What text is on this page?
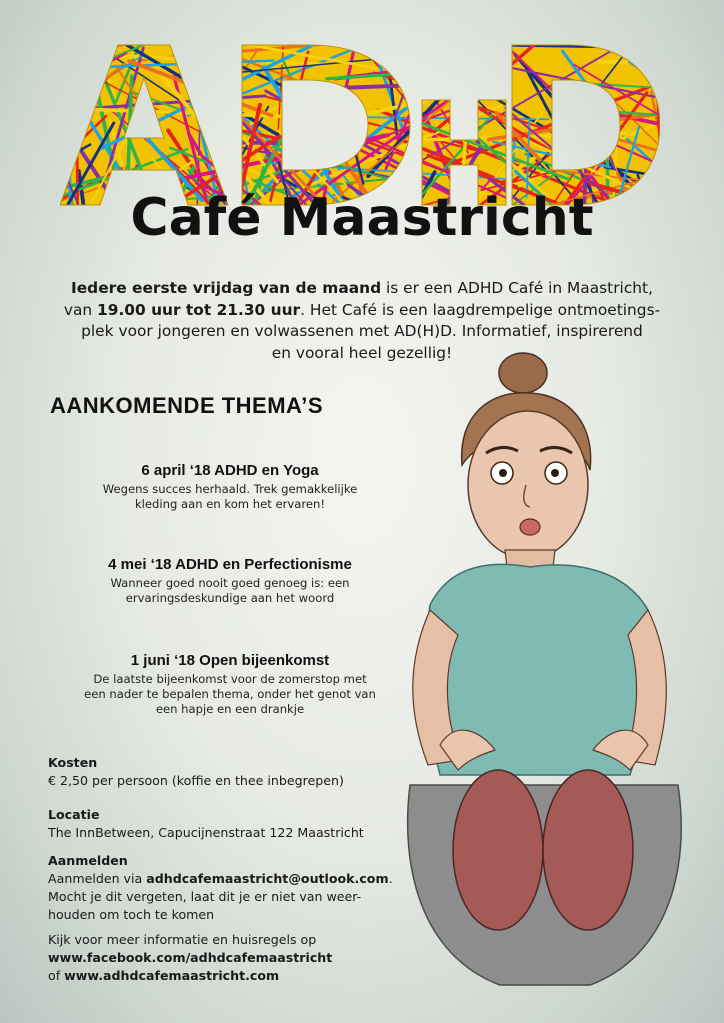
Café Maastricht
Iedere eerste vrijdag van de maand is er een ADHD Café in Maastricht,
van 19.00 uur tot 21.30 uur. Het Café is een laagdrempelige ontmoetings-
plek voor jongeren en volwassenen met AD(H)D. Informatief, inspirerend
en vooral heel gezellig!
AANKOMENDE THEMA’S
6 april ‘18 ADHD en Yoga
Wegens succes herhaald. Trek gemakkelijke
kleding aan en kom het ervaren!
4 mei ‘18 ADHD en Perfectionisme
Wanneer goed nooit goed genoeg is: een
ervaringsdeskundige aan het woord
1 juni ‘18 Open bijeenkomst
De laatste bijeenkomst voor de zomerstop met
een nader te bepalen thema, onder het genot van
een hapje en een drankje
Kosten
€ 2,50 per persoon (koffie en thee inbegrepen)
Locatie
The InnBetween, Capucijnenstraat 122 Maastricht
Aanmelden
Aanmelden via adhdcafemaastricht@outlook.com.
Mocht je dit vergeten, laat dit je er niet van weer-
houden om toch te komen
Kijk voor meer informatie en huisregels op
www.facebook.com/adhdcafemaastricht
of www.adhdcafemaastricht.com
